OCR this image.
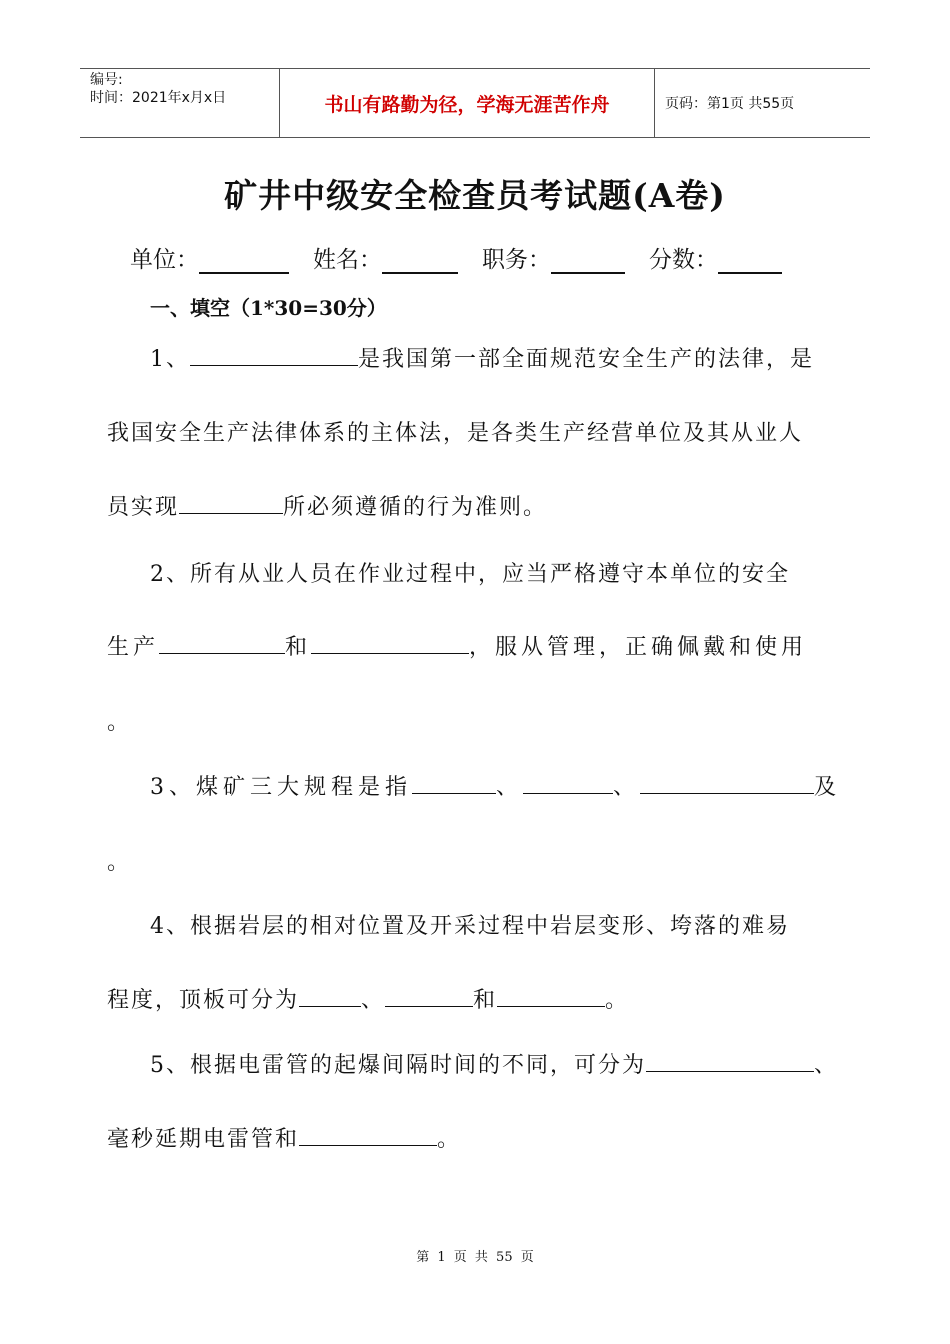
编号:
时间：2021年x月x日	书山有路勤为径，学海无涯苦作舟	页码：第1页 共55页
矿井中级安全检查员考试题(A卷)
单位：	姓名：	职务：	分数：
一、填空（1*30=30分）
1、	是我国第一部全面规范安全生产的法律，是
我国安全生产法律体系的主体法，是各类生产经营单位及其从业人
员实现	所必须遵循的行为准则。
2、所有从业人员在作业过程中，应当严格遵守本单位的安全
生产	和	，服从管理，正确佩戴和使用
。
3、煤矿三大规程是指	、	、	及
。
4、根据岩层的相对位置及开采过程中岩层变形、垮落的难易
程度，顶板可分为	、	和	。
5、根据电雷管的起爆间隔时间的不同，可分为	、
毫秒延期电雷管和	。
第 1 页 共 55 页
